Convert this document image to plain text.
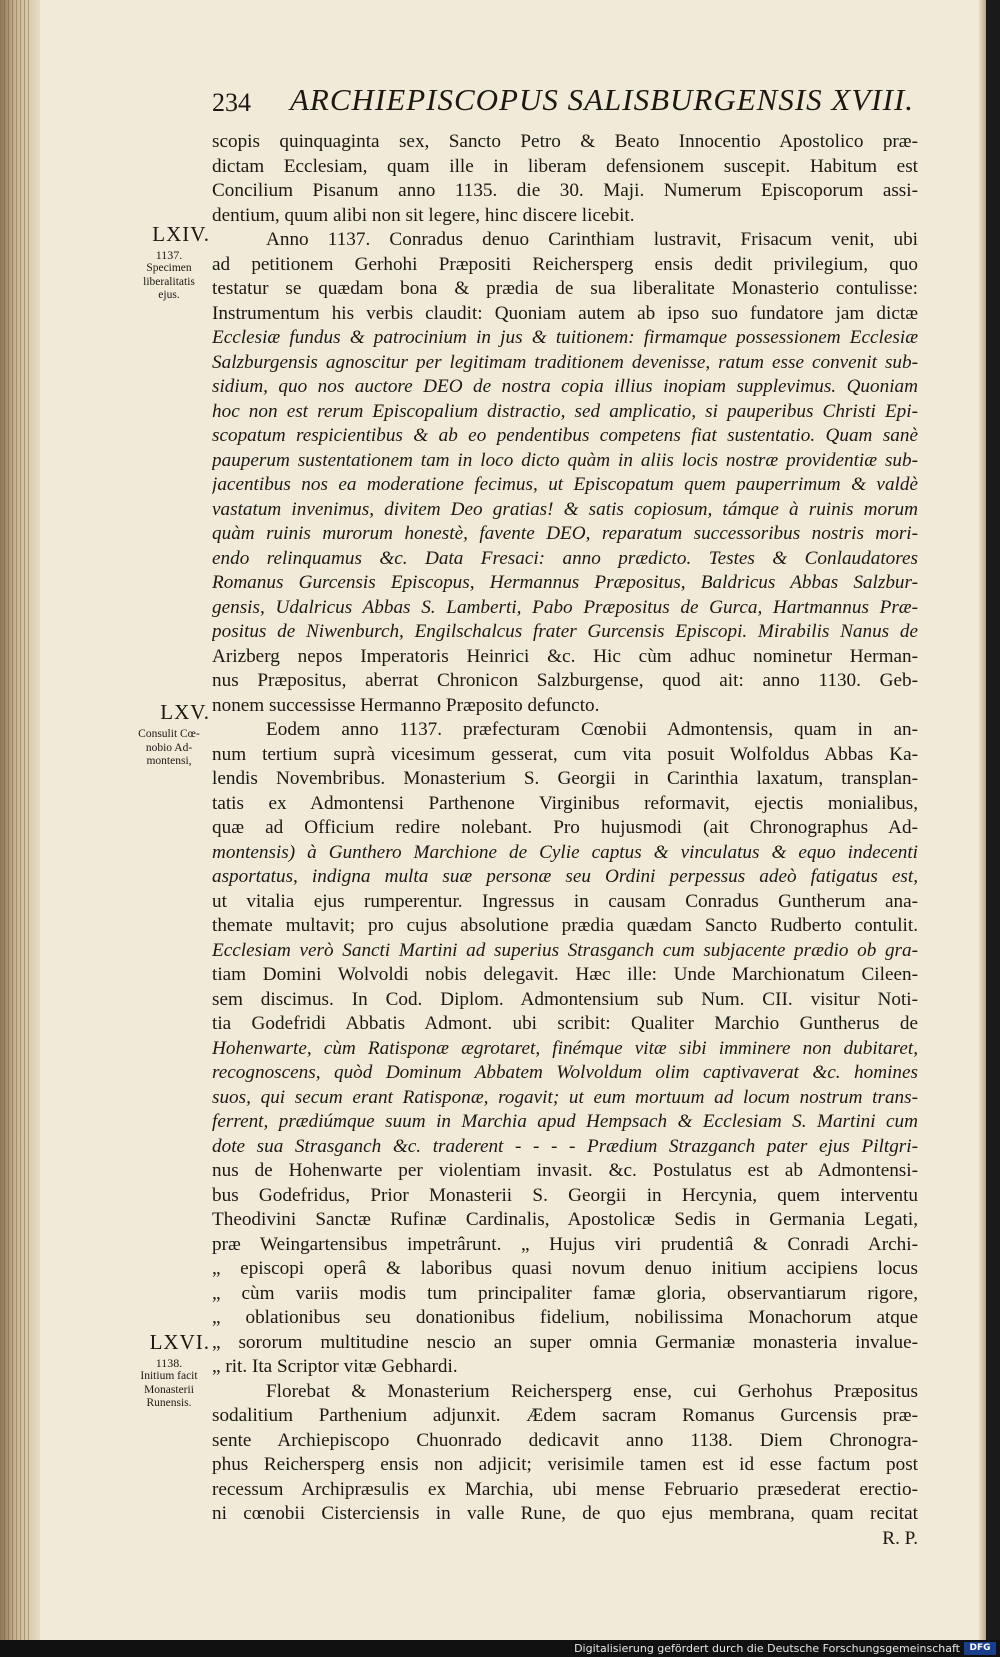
234 ARCHIEPISCOPUS SALISBURGENSIS XVIII.
LXIV.
1137.
Specimen
liberalitatis
ejus.
LXV.
Consulit Cœ-
nobio Ad-
montensi,
LXVI.
1138.
Initium facit
Monasterii
Runensis.
scopis quinquaginta sex, Sancto Petro & Beato Innocentio Apostolico præ-
dictam Ecclesiam, quam ille in liberam defensionem suscepit. Habitum est
Concilium Pisanum anno 1135. die 30. Maji. Numerum Episcoporum assi-
dentium, quum alibi non sit legere, hinc discere licebit.
Anno 1137. Conradus denuo Carinthiam lustravit, Frisacum venit, ubi
ad petitionem Gerhohi Præpositi Reichersperg ensis dedit privilegium, quo
testatur se quædam bona & prædia de sua liberalitate Monasterio contulisse:
Instrumentum his verbis claudit: Quoniam autem ab ipso suo fundatore jam dictæ
Ecclesiæ fundus & patrocinium in jus & tuitionem: firmamque possessionem Ecclesiæ
Salzburgensis agnoscitur per legitimam traditionem devenisse, ratum esse convenit sub-
sidium, quo nos auctore DEO de nostra copia illius inopiam supplevimus. Quoniam
hoc non est rerum Episcopalium distractio, sed amplicatio, si pauperibus Christi Epi-
scopatum respicientibus & ab eo pendentibus competens fiat sustentatio. Quam sanè
pauperum sustentationem tam in loco dicto quàm in aliis locis nostræ providentiæ sub-
jacentibus nos ea moderatione fecimus, ut Episcopatum quem pauperrimum & valdè
vastatum invenimus, divitem Deo gratias! & satis copiosum, támque à ruinis morum
quàm ruinis murorum honestè, favente DEO, reparatum successoribus nostris mori-
endo relinquamus &c. Data Fresaci: anno prædicto. Testes & Conlaudatores
Romanus Gurcensis Episcopus, Hermannus Præpositus, Baldricus Abbas Salzbur-
gensis, Udalricus Abbas S. Lamberti, Pabo Præpositus de Gurca, Hartmannus Præ-
positus de Niwenburch, Engilschalcus frater Gurcensis Episcopi. Mirabilis Nanus de
Arizberg nepos Imperatoris Heinrici &c. Hic cùm adhuc nominetur Herman-
nus Præpositus, aberrat Chronicon Salzburgense, quod ait: anno 1130. Geb-
nonem successisse Hermanno Præposito defuncto.
Eodem anno 1137. præfecturam Cœnobii Admontensis, quam in an-
num tertium suprà vicesimum gesserat, cum vita posuit Wolfoldus Abbas Ka-
lendis Novembribus. Monasterium S. Georgii in Carinthia laxatum, transplan-
tatis ex Admontensi Parthenone Virginibus reformavit, ejectis monialibus,
quæ ad Officium redire nolebant. Pro hujusmodi (ait Chronographus Ad-
montensis) à Gunthero Marchione de Cylie captus & vinculatus & equo indecenti
asportatus, indigna multa suæ personæ seu Ordini perpessus adeò fatigatus est,
ut vitalia ejus rumperentur. Ingressus in causam Conradus Guntherum ana-
thematе multavit; pro cujus absolutione prædia quædam Sancto Rudberto contulit.
Ecclesiam verò Sancti Martini ad superius Strasganch cum subjacente prædio ob gra-
tiam Domini Wolvoldi nobis delegavit. Hæc ille: Unde Marchionatum Cileen-
sem discimus. In Cod. Diplom. Admontensium sub Num. CII. visitur Noti-
tia Godefridi Abbatis Admont. ubi scribit: Qualiter Marchio Guntherus de
Hohenwarte, cùm Ratisponæ ægrotaret, finémque vitæ sibi imminere non dubitaret,
recognoscens, quòd Dominum Abbatem Wolvoldum olim captivaverat &c. homines
suos, qui secum erant Ratisponæ, rogavit; ut eum mortuum ad locum nostrum trans-
ferrent, prædiúmque suum in Marchia apud Hempsach & Ecclesiam S. Martini cum
dote sua Strasganch &c. traderent - - - - Prædium Strazganch pater ejus Piltgri-
nus de Hohenwarte per violentiam invasit. &c. Postulatus est ab Admontensi-
bus Godefridus, Prior Monasterii S. Georgii in Hercynia, quem interventu
Theodivini Sanctæ Rufinæ Cardinalis, Apostolicæ Sedis in Germania Legati,
præ Weingartensibus impetrârunt. „ Hujus viri prudentiâ & Conradi Archi-
„ episcopi operâ & laboribus quasi novum denuo initium accipiens locus
„ cùm variis modis tum principaliter famæ gloria, observantiarum rigore,
„ oblationibus seu donationibus fidelium, nobilissima Monachorum atque
„ sororum multitudine nescio an super omnia Germaniæ monasteria invalue-
„ rit. Ita Scriptor vitæ Gebhardi.
Florebat & Monasterium Reichersperg ense, cui Gerhohus Præpositus
sodalitium Parthenium adjunxit. Ædem sacram Romanus Gurcensis præ-
sente Archiepiscopo Chuonrado dedicavit anno 1138. Diem Chronogra-
phus Reichersperg ensis non adjicit; verisimile tamen est id esse factum post
recessum Archipræsulis ex Marchia, ubi mense Februario præsederat erectio-
ni cœnobii Cisterciensis in valle Rune, de quo ejus membrana, quam recitat
R. P.
Digitalisierung gefördert durch die Deutsche Forschungsgemeinschaft	DFG
